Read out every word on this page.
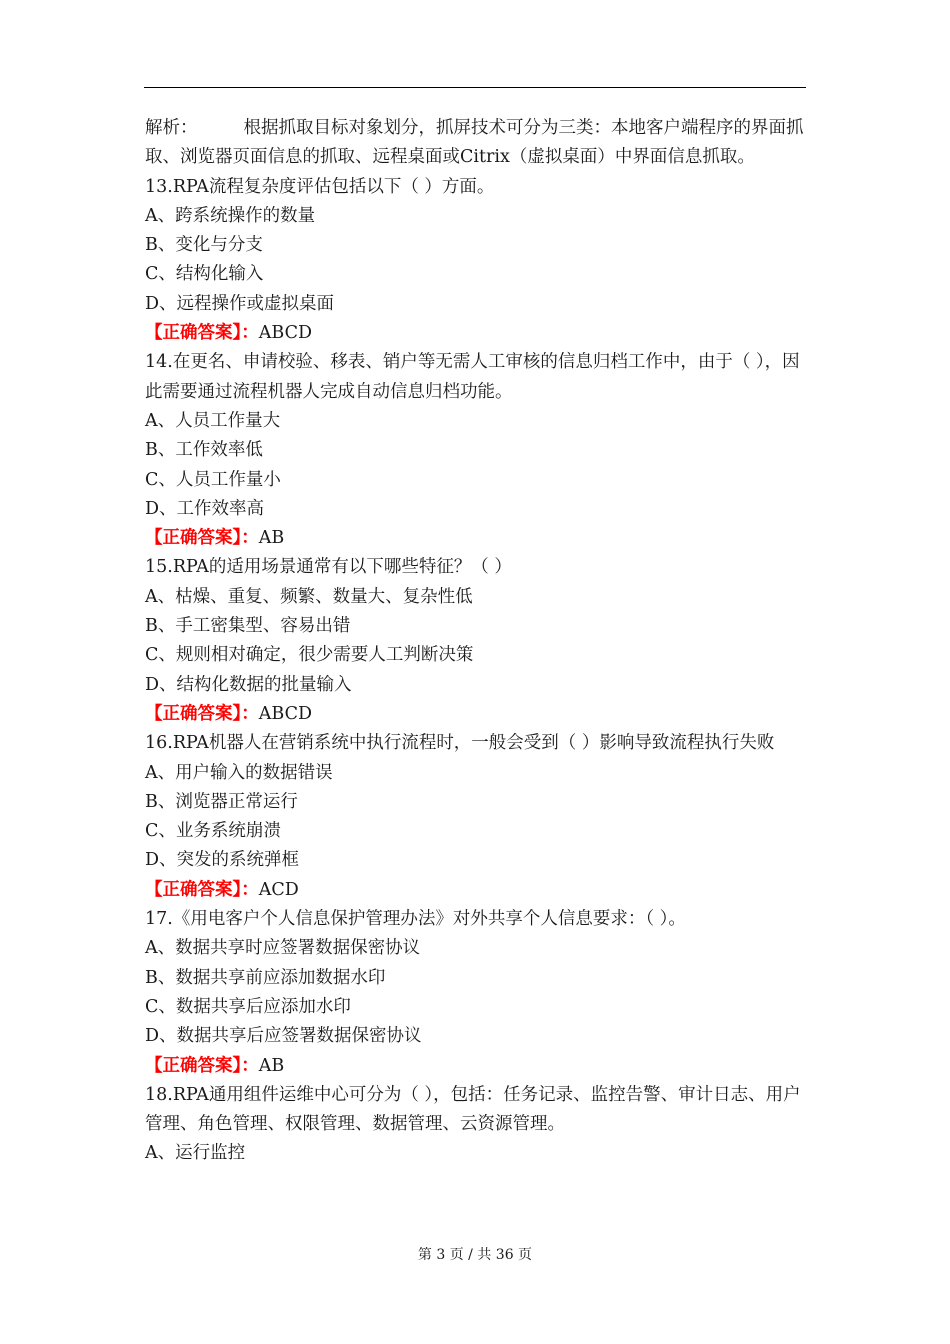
解析：	根据抓取目标对象划分，抓屏技术可分为三类：本地客户端程序的界面抓取、浏览器页面信息的抓取、远程桌面或Citrix（虚拟桌面）中界面信息抓取。
13.RPA流程复杂度评估包括以下（ ）方面。
A、跨系统操作的数量
B、变化与分支
C、结构化输入
D、远程操作或虚拟桌面
【正确答案】：ABCD
14.在更名、申请校验、移表、销户等无需人工审核的信息归档工作中，由于（ ），因此需要通过流程机器人完成自动信息归档功能。
A、人员工作量大
B、工作效率低
C、人员工作量小
D、工作效率高
【正确答案】：AB
15.RPA的适用场景通常有以下哪些特征？（ ）
A、枯燥、重复、频繁、数量大、复杂性低
B、手工密集型、容易出错
C、规则相对确定，很少需要人工判断决策
D、结构化数据的批量输入
【正确答案】：ABCD
16.RPA机器人在营销系统中执行流程时，一般会受到（ ）影响导致流程执行失败
A、用户输入的数据错误
B、浏览器正常运行
C、业务系统崩溃
D、突发的系统弹框
【正确答案】：ACD
17.《用电客户个人信息保护管理办法》对外共享个人信息要求：（ ）。
A、数据共享时应签署数据保密协议
B、数据共享前应添加数据水印
C、数据共享后应添加水印
D、数据共享后应签署数据保密协议
【正确答案】：AB
18.RPA通用组件运维中心可分为（ ），包括：任务记录、监控告警、审计日志、用户管理、角色管理、权限管理、数据管理、云资源管理。
A、运行监控
第 3 页 / 共 36 页
